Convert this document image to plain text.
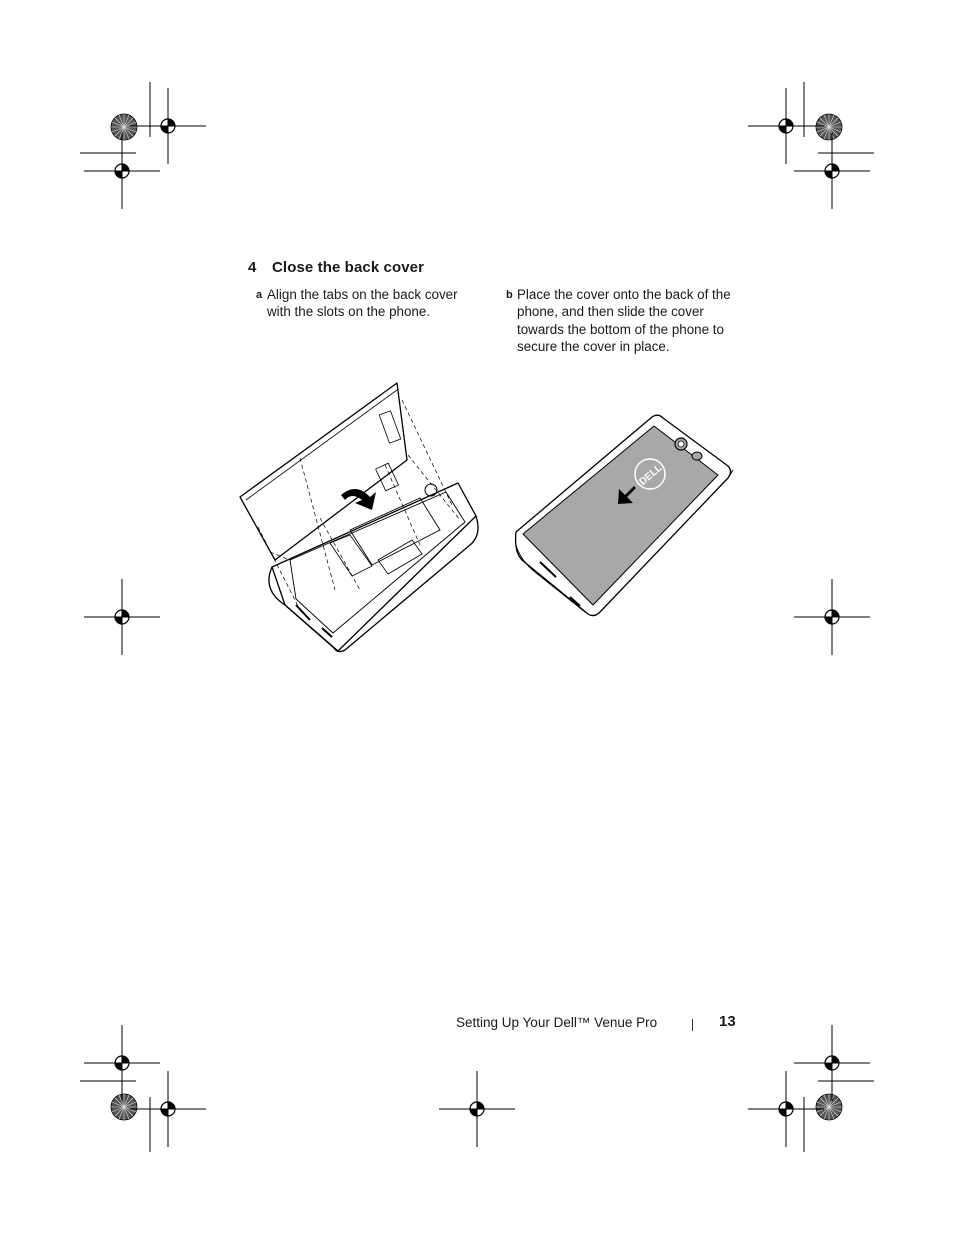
4 Close the back cover
a Align the tabs on the back cover with the slots on the phone.
b Place the cover onto the back of the phone, and then slide the cover towards the bottom of the phone to secure the cover in place.
DELL
Setting Up Your Dell™ Venue Pro	13
